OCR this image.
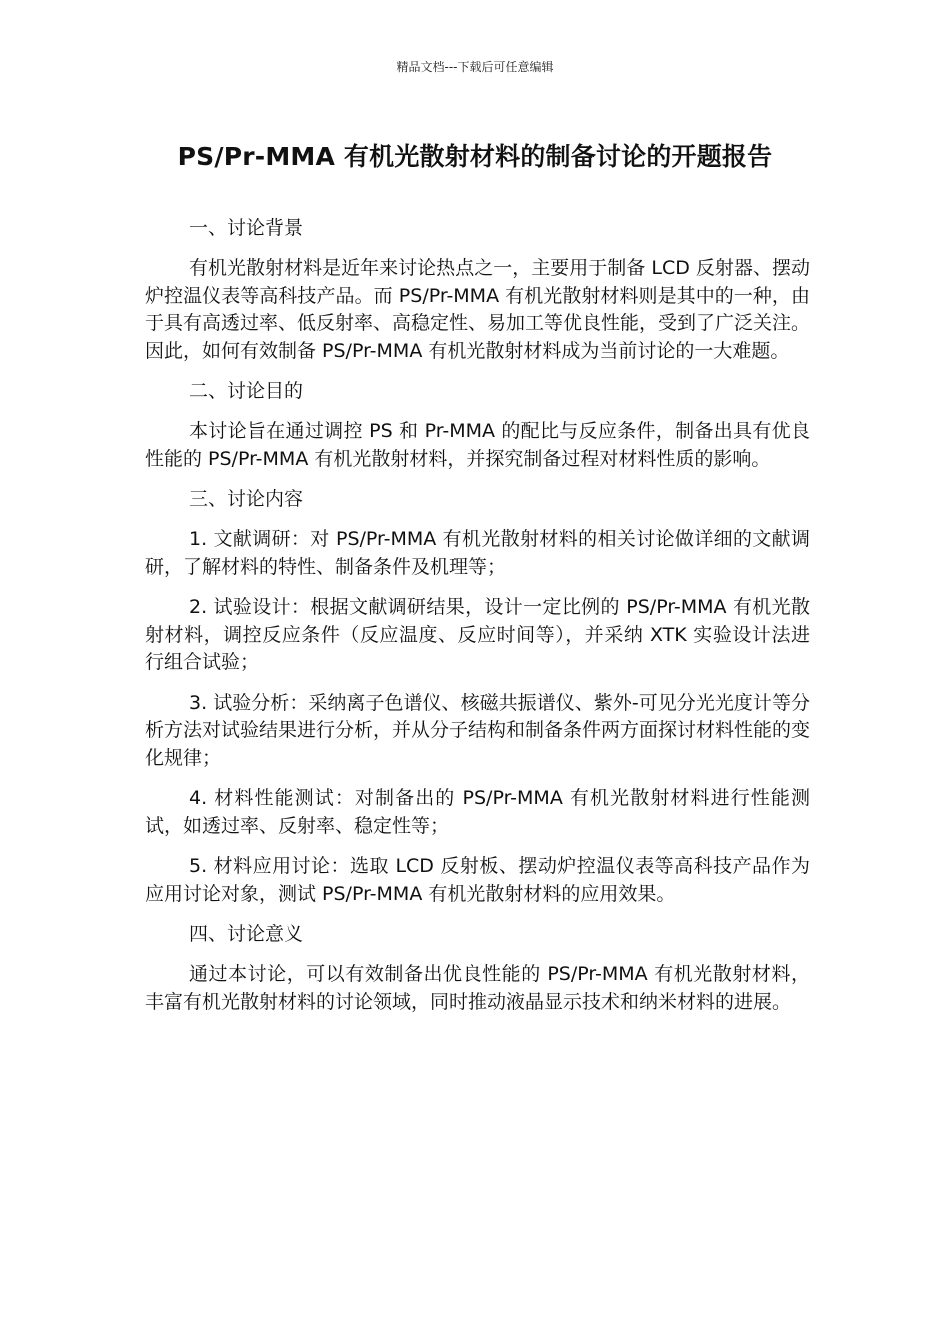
精品文档---下载后可任意编辑
PS/Pr-MMA 有机光散射材料的制备讨论的开题报告

一、讨论背景

有机光散射材料是近年来讨论热点之一，主要用于制备 LCD 反射器、摆动炉控温仪表等高科技产品。而 PS/Pr-MMA 有机光散射材料则是其中的一种，由于具有高透过率、低反射率、高稳定性、易加工等优良性能，受到了广泛关注。因此，如何有效制备 PS/Pr-MMA 有机光散射材料成为当前讨论的一大难题。

二、讨论目的

本讨论旨在通过调控 PS 和 Pr-MMA 的配比与反应条件，制备出具有优良性能的 PS/Pr-MMA 有机光散射材料，并探究制备过程对材料性质的影响。

三、讨论内容

1. 文献调研：对 PS/Pr-MMA 有机光散射材料的相关讨论做详细的文献调研，了解材料的特性、制备条件及机理等；

2. 试验设计：根据文献调研结果，设计一定比例的 PS/Pr-MMA 有机光散射材料，调控反应条件（反应温度、反应时间等），并采纳 XTK 实验设计法进行组合试验；

3. 试验分析：采纳离子色谱仪、核磁共振谱仪、紫外-可见分光光度计等分析方法对试验结果进行分析，并从分子结构和制备条件两方面探讨材料性能的变化规律；

4. 材料性能测试：对制备出的 PS/Pr-MMA 有机光散射材料进行性能测试，如透过率、反射率、稳定性等；

5. 材料应用讨论：选取 LCD 反射板、摆动炉控温仪表等高科技产品作为应用讨论对象，测试 PS/Pr-MMA 有机光散射材料的应用效果。

四、讨论意义

通过本讨论，可以有效制备出优良性能的 PS/Pr-MMA 有机光散射材料，丰富有机光散射材料的讨论领域，同时推动液晶显示技术和纳米材料的进展。
